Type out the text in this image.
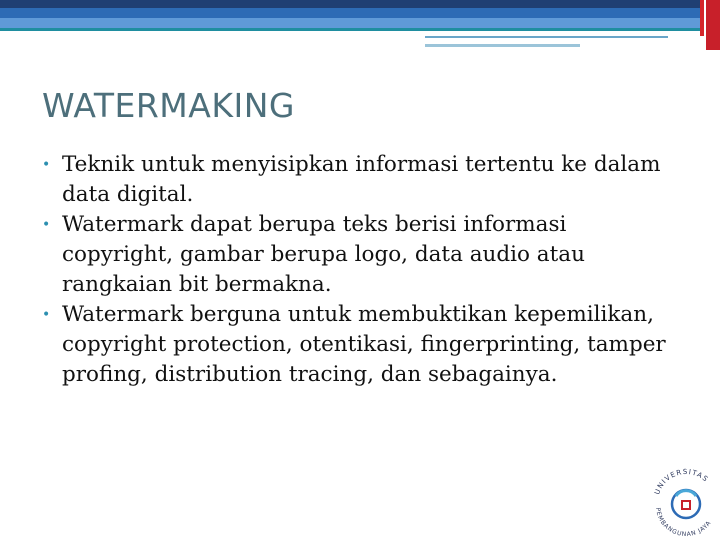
WATERMAKING
• Teknik untuk menyisipkan informasi tertentu ke dalam data digital.
• Watermark dapat berupa teks berisi informasi copyright, gambar berupa logo, data audio atau rangkaian bit bermakna.
• Watermark berguna untuk membuktikan kepemilikan, copyright protection, otentikasi, fingerprinting, tamper profing, distribution tracing, dan sebagainya.
UNIVERSITAS
PEMBANGUNAN JAYA
